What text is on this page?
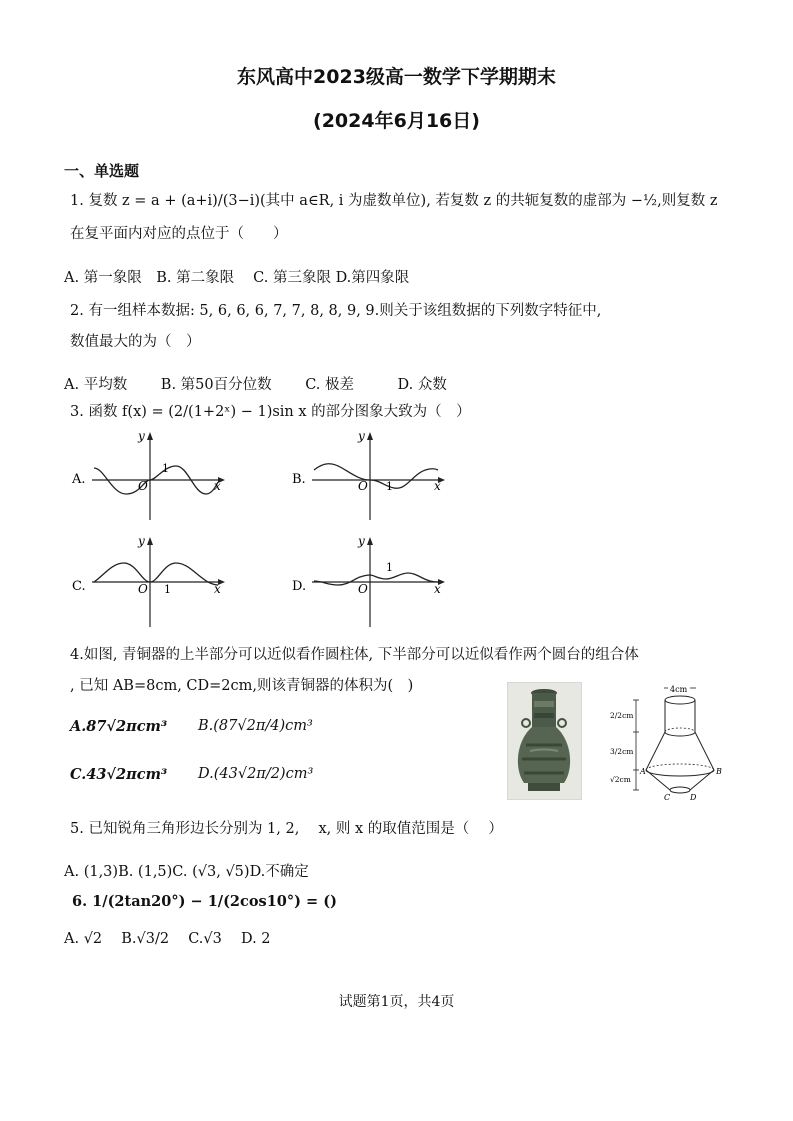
东风高中2023级高一数学下学期期末
(2024年6月16日)
一、单选题
1. 复数 z = a + (a+i)/(3−i)(其中 a∈R, i 为虚数单位), 若复数 z 的共轭复数的虚部为 −½,则复数 z
在复平面内对应的点位于（　　）
A. 第一象限　B. 第二象限　 C. 第三象限 D.第四象限
2. 有一组样本数据: 5, 6, 6, 6, 7, 7, 8, 8, 9, 9.则关于该组数据的下列数字特征中,
数值最大的为（　）
A. 平均数　　 B. 第50百分位数　　 C. 极差　　　D. 众数
3. 函数 f(x) = (2/(1+2ˣ) − 1)sin x 的部分图象大致为（　）
A.	O
1
x
y
B.	O 1	x
y
C.	O 1	x
y
D.	O
1
x
y
4.如图, 青铜器的上半部分可以近似看作圆柱体, 下半部分可以近似看作两个圆台的组合体
, 已知 AB=8cm, CD=2cm,则该青铜器的体积为(　)
A.87√2πcm³ B.(87√2π/4)cm³
C.43√2πcm³ D.(43√2π/2)cm³
4cm
2/2cm
3/2cm
√2cm
A	B
C D
5. 已知锐角三角形边长分别为 1, 2,　 x, 则 x 的取值范围是（　 ）
A. (1,3)B. (1,5)C. (√3, √5)D.不确定
6. 1/(2tan20°) − 1/(2cos10°) = ()
A. √2　 B.√3/2　 C.√3　 D. 2
试题第1页，共4页
